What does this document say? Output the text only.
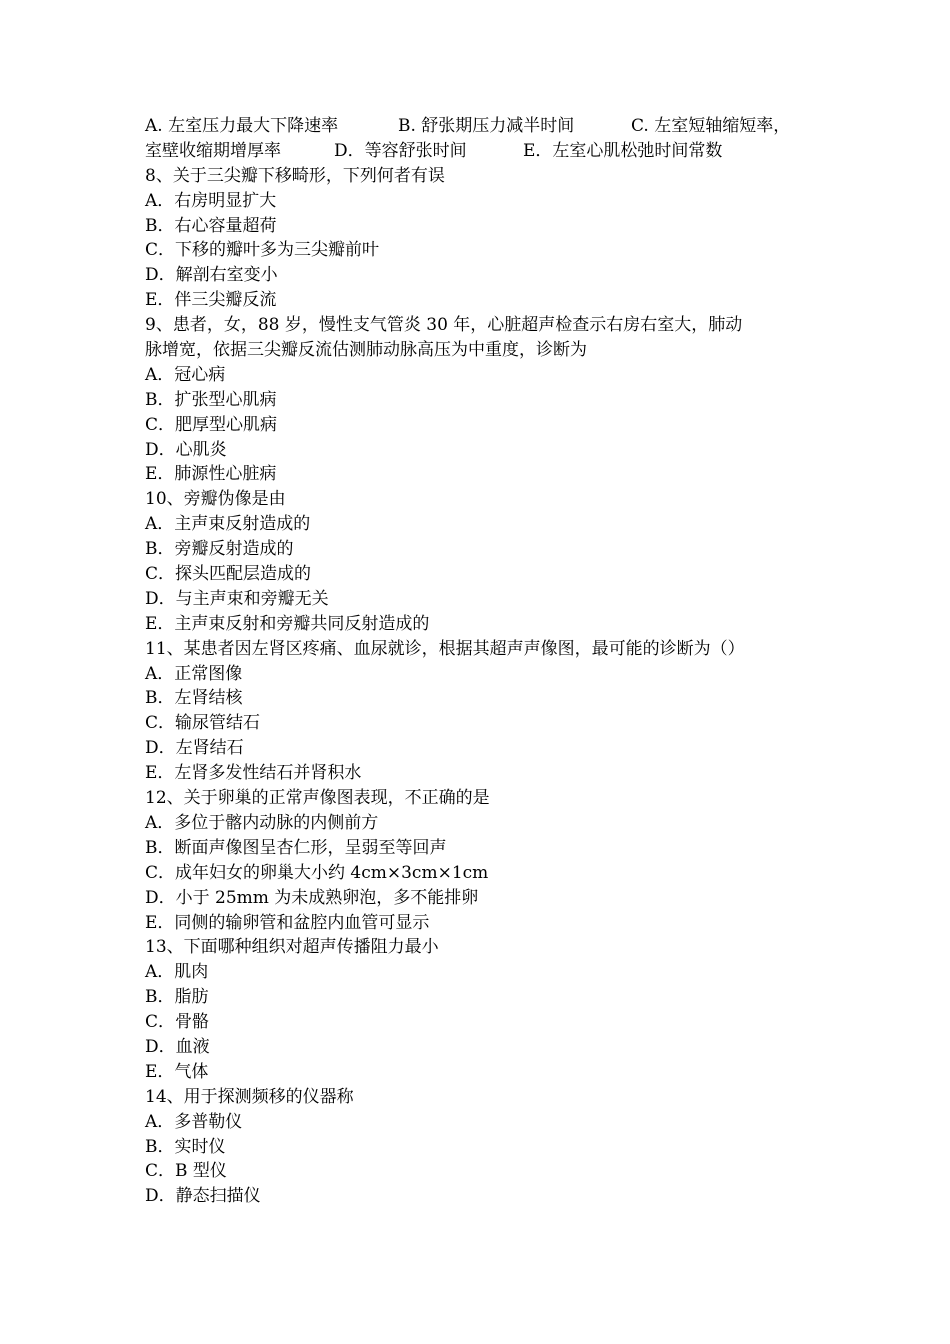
A. 左室压力最大下降速率	B. 舒张期压力减半时间	C. 左室短轴缩短率，
室壁收缩期增厚率	D．等容舒张时间	E．左室心肌松弛时间常数
8、关于三尖瓣下移畸形，下列何者有误
A．右房明显扩大
B．右心容量超荷
C．下移的瓣叶多为三尖瓣前叶
D．解剖右室变小
E．伴三尖瓣反流
9、患者，女，88 岁，慢性支气管炎 30 年，心脏超声检查示右房右室大，肺动
脉增宽，依据三尖瓣反流估测肺动脉高压为中重度，诊断为
A．冠心病
B．扩张型心肌病
C．肥厚型心肌病
D．心肌炎
E．肺源性心脏病
10、旁瓣伪像是由
A．主声束反射造成的
B．旁瓣反射造成的
C．探头匹配层造成的
D．与主声束和旁瓣无关
E．主声束反射和旁瓣共同反射造成的
11、某患者因左肾区疼痛、血尿就诊，根据其超声声像图，最可能的诊断为（）
A．正常图像
B．左肾结核
C．输尿管结石
D．左肾结石
E．左肾多发性结石并肾积水
12、关于卵巢的正常声像图表现，不正确的是
A．多位于髂内动脉的内侧前方
B．断面声像图呈杏仁形，呈弱至等回声
C．成年妇女的卵巢大小约 4cm×3cm×1cm
D．小于 25mm 为未成熟卵泡，多不能排卵
E．同侧的输卵管和盆腔内血管可显示
13、下面哪种组织对超声传播阻力最小
A．肌肉
B．脂肪
C．骨骼
D．血液
E．气体
14、用于探测频移的仪器称
A．多普勒仪
B．实时仪
C．B 型仪
D．静态扫描仪
